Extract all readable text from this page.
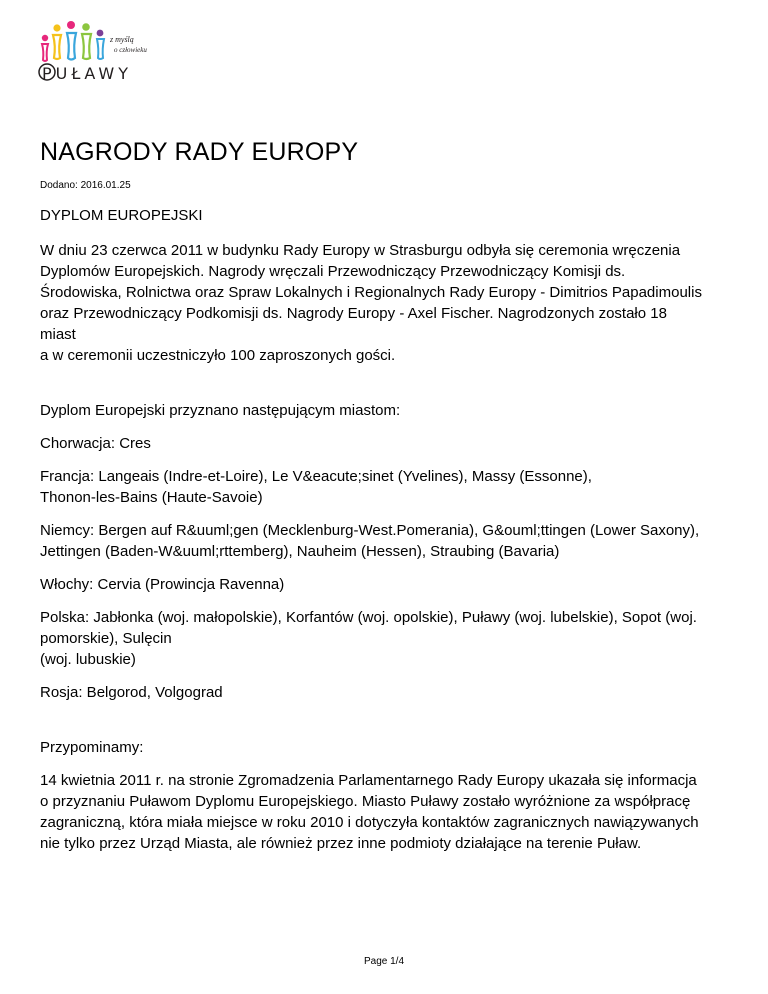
z myślą
o człowieku
PUŁAWY
NAGRODY RADY EUROPY
Dodano: 2016.01.25
DYPLOM EUROPEJSKI

W dniu 23 czerwca 2011 w budynku Rady Europy w Strasburgu odbyła się ceremonia wręczenia
Dyplomów Europejskich. Nagrody wręczali Przewodniczący Przewodniczący Komisji ds.
Środowiska, Rolnictwa oraz Spraw Lokalnych i Regionalnych Rady Europy - Dimitrios Papadimoulis
oraz Przewodniczący Podkomisji ds. Nagrody Europy - Axel Fischer. Nagrodzonych zostało 18
miast
a w ceremonii uczestniczyło 100 zaproszonych gości.

Dyplom Europejski przyznano następującym miastom:

Chorwacja: Cres

Francja: Langeais (Indre-et-Loire), Le V&eacute;sinet (Yvelines), Massy (Essonne),
Thonon-les-Bains (Haute-Savoie)

Niemcy: Bergen auf R&uuml;gen (Mecklenburg-West.Pomerania), G&ouml;ttingen (Lower Saxony),
Jettingen (Baden-W&uuml;rttemberg), Nauheim (Hessen), Straubing (Bavaria)

Włochy: Cervia (Prowincja Ravenna)

Polska: Jabłonka (woj. małopolskie), Korfantów (woj. opolskie), Puławy (woj. lubelskie), Sopot (woj.
pomorskie), Sulęcin
(woj. lubuskie)

Rosja: Belgorod, Volgograd

Przypominamy:

14 kwietnia 2011 r. na stronie Zgromadzenia Parlamentarnego Rady Europy ukazała się informacja
o przyznaniu Puławom Dyplomu Europejskiego. Miasto Puławy zostało wyróżnione za współpracę
zagraniczną, która miała miejsce w roku 2010 i dotyczyła kontaktów zagranicznych nawiązywanych
nie tylko przez Urząd Miasta, ale również przez inne podmioty działające na terenie Puław.

Page 1/4
